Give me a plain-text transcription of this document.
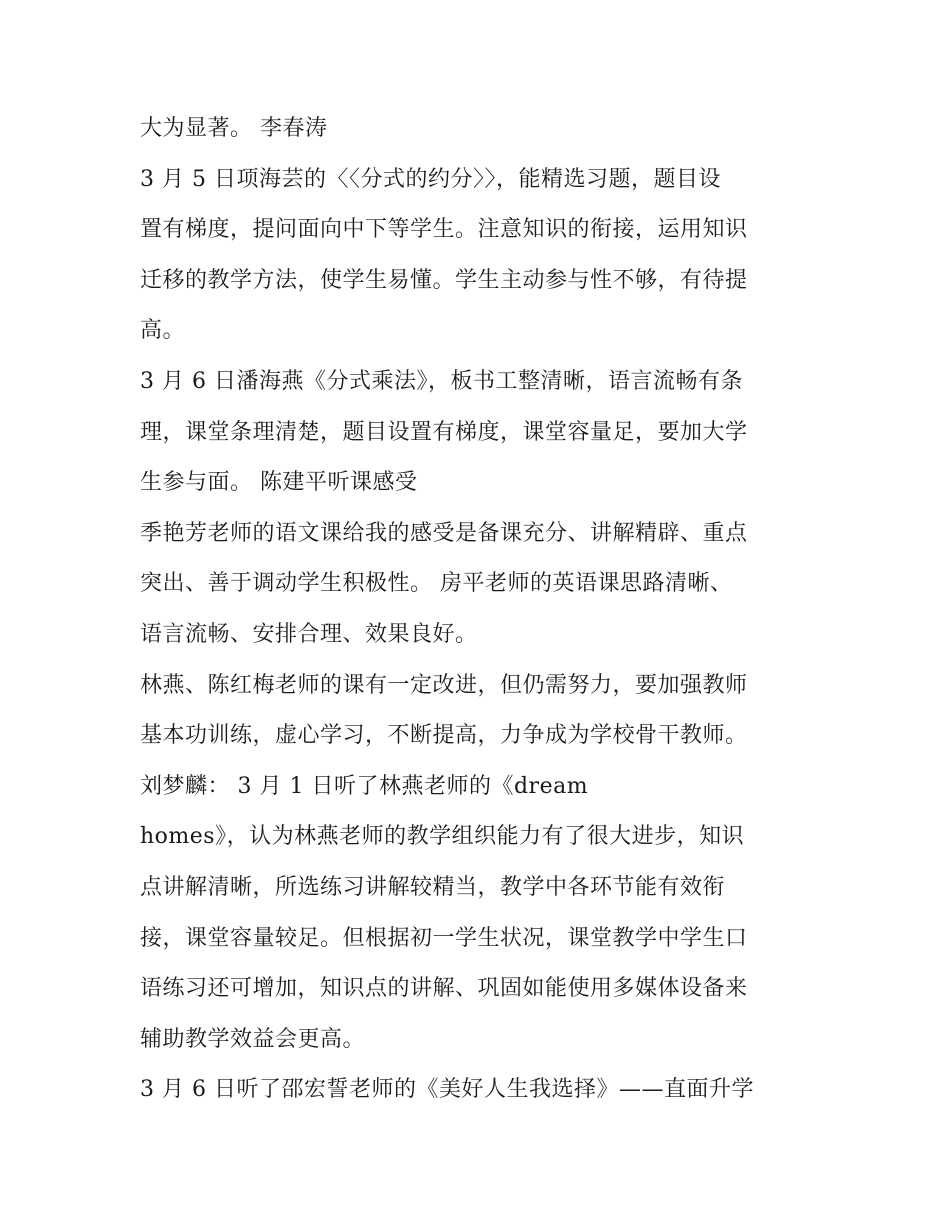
大为显著。 李春涛
3 月 5 日项海芸的〈〈分式的约分〉〉，能精选习题，题目设
置有梯度，提问面向中下等学生。注意知识的衔接，运用知识
迁移的教学方法，使学生易懂。学生主动参与性不够，有待提
高。
3 月 6 日潘海燕《分式乘法》，板书工整清晰，语言流畅有条
理，课堂条理清楚，题目设置有梯度，课堂容量足，要加大学
生参与面。 陈建平听课感受
季艳芳老师的语文课给我的感受是备课充分、讲解精辟、重点
突出、善于调动学生积极性。 房平老师的英语课思路清晰、
语言流畅、安排合理、效果良好。
林燕、陈红梅老师的课有一定改进，但仍需努力，要加强教师
基本功训练，虚心学习，不断提高，力争成为学校骨干教师。
刘梦麟： 3 月 1 日听了林燕老师的《dream
homes》，认为林燕老师的教学组织能力有了很大进步，知识
点讲解清晰，所选练习讲解较精当，教学中各环节能有效衔
接，课堂容量较足。但根据初一学生状况，课堂教学中学生口
语练习还可增加，知识点的讲解、巩固如能使用多媒体设备来
辅助教学效益会更高。
3 月 6 日听了邵宏誓老师的《美好人生我选择》——直面升学
